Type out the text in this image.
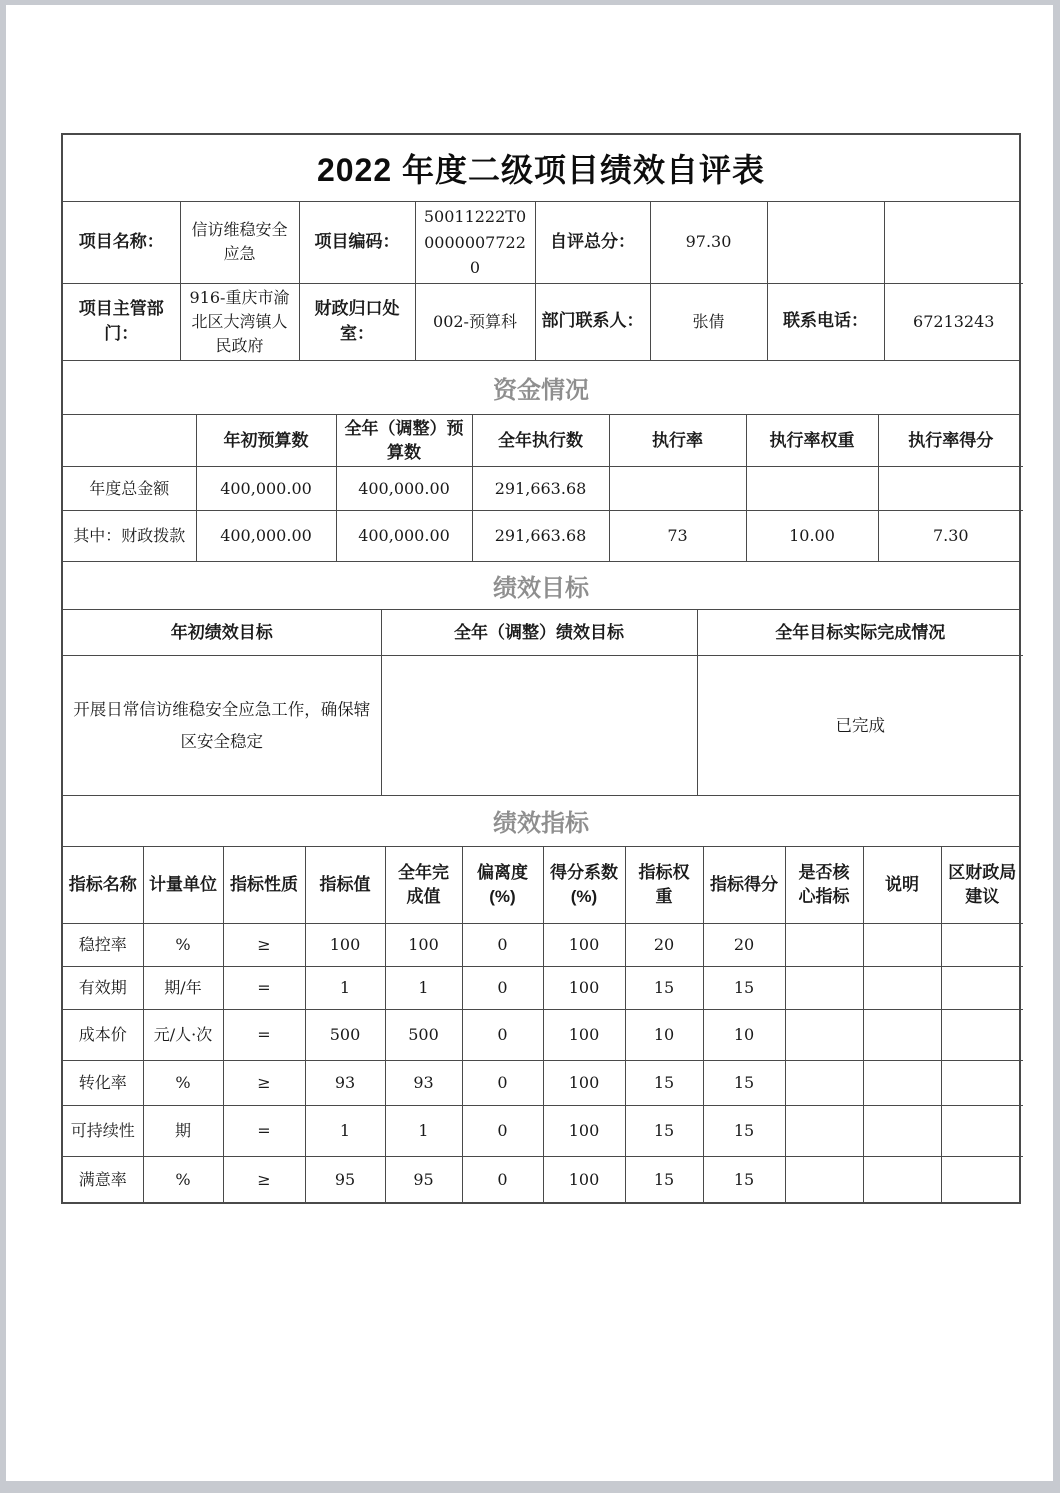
2022 年度二级项目绩效自评表
项目名称：	信访维稳安全应急	项目编码：	50011222T000000077220	自评总分：	97.30		
项目主管部门：	916-重庆市渝北区大湾镇人民政府	财政归口处室：	002-预算科	部门联系人：	张倩	联系电话：	67213243
资金情况
	年初预算数	全年（调整）预算数	全年执行数	执行率	执行率权重	执行率得分
年度总金额	400,000.00	400,000.00	291,663.68			
其中：财政拨款	400,000.00	400,000.00	291,663.68	73	10.00	7.30
绩效目标
年初绩效目标	全年（调整）绩效目标	全年目标实际完成情况
开展日常信访维稳安全应急工作，确保辖区安全稳定		已完成
绩效指标
指标名称	计量单位	指标性质	指标值	全年完成值	偏离度(%)	得分系数(%)	指标权重	指标得分	是否核心指标	说明	区财政局建议
稳控率	%	≥	100	100	0	100	20	20			
有效期	期/年	=	1	1	0	100	15	15			
成本价	元/人·次	=	500	500	0	100	10	10			
转化率	%	≥	93	93	0	100	15	15			
可持续性	期	=	1	1	0	100	15	15			
满意率	%	≥	95	95	0	100	15	15			
